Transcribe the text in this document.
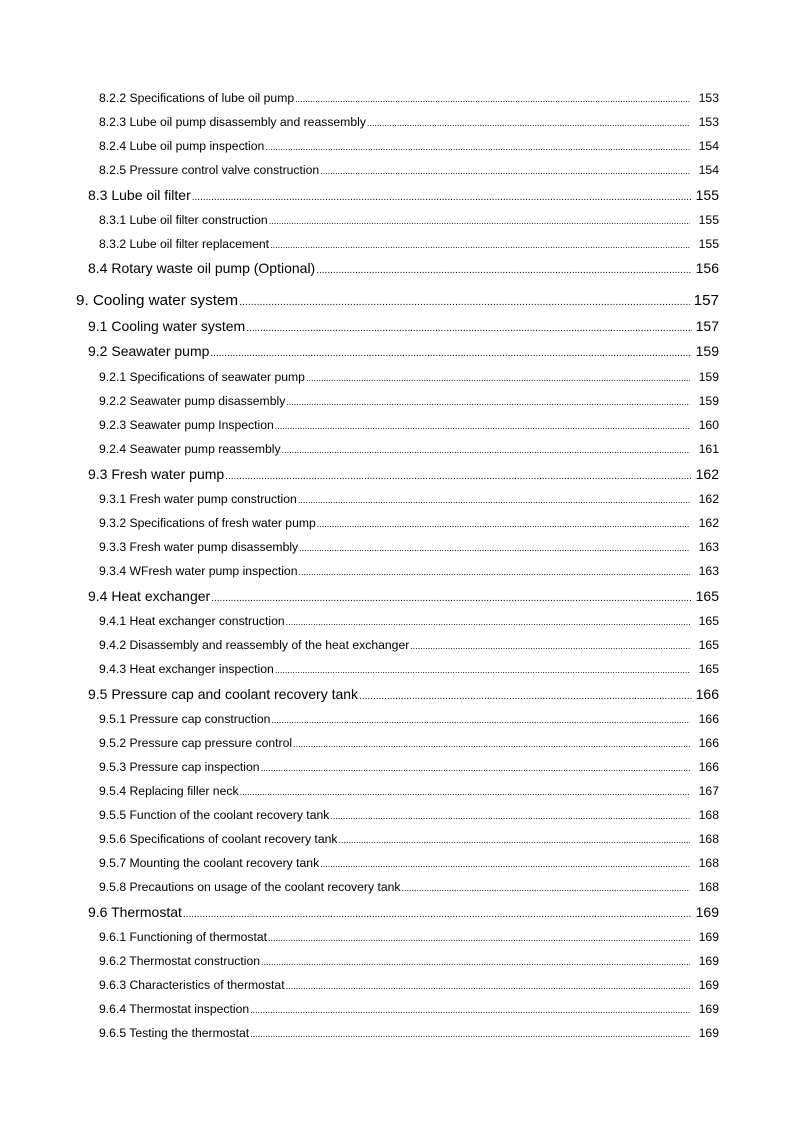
8.2.2 Specifications of lube oil pump .....	153
8.2.3 Lube oil pump disassembly and reassembly .....	153
8.2.4 Lube oil pump inspection .....	154
8.2.5 Pressure control valve construction .....	154
8.3 Lube oil filter .....	155
8.3.1 Lube oil filter construction .....	155
8.3.2 Lube oil filter replacement .....	155
8.4 Rotary waste oil pump (Optional) .....	156
9. Cooling water system .....	157
9.1 Cooling water system .....	157
9.2 Seawater pump .....	159
9.2.1 Specifications of seawater pump .....	159
9.2.2 Seawater pump disassembly .....	159
9.2.3 Seawater pump Inspection .....	160
9.2.4 Seawater pump reassembly .....	161
9.3 Fresh water pump .....	162
9.3.1 Fresh water pump construction .....	162
9.3.2 Specifications of fresh water pump .....	162
9.3.3 Fresh water pump disassembly .....	163
9.3.4 WFresh water pump inspection .....	163
9.4 Heat exchanger .....	165
9.4.1 Heat exchanger construction .....	165
9.4.2 Disassembly and reassembly of the heat exchanger .....	165
9.4.3 Heat exchanger inspection .....	165
9.5 Pressure cap and coolant recovery tank .....	166
9.5.1 Pressure cap construction .....	166
9.5.2 Pressure cap pressure control .....	166
9.5.3 Pressure cap inspection .....	166
9.5.4 Replacing filler neck .....	167
9.5.5 Function of the coolant recovery tank .....	168
9.5.6 Specifications of coolant recovery tank .....	168
9.5.7 Mounting the coolant recovery tank .....	168
9.5.8 Precautions on usage of the coolant recovery tank .....	168
9.6 Thermostat .....	169
9.6.1 Functioning of thermostat .....	169
9.6.2 Thermostat construction .....	169
9.6.3 Characteristics of thermostat .....	169
9.6.4 Thermostat inspection .....	169
9.6.5 Testing the thermostat .....	169
